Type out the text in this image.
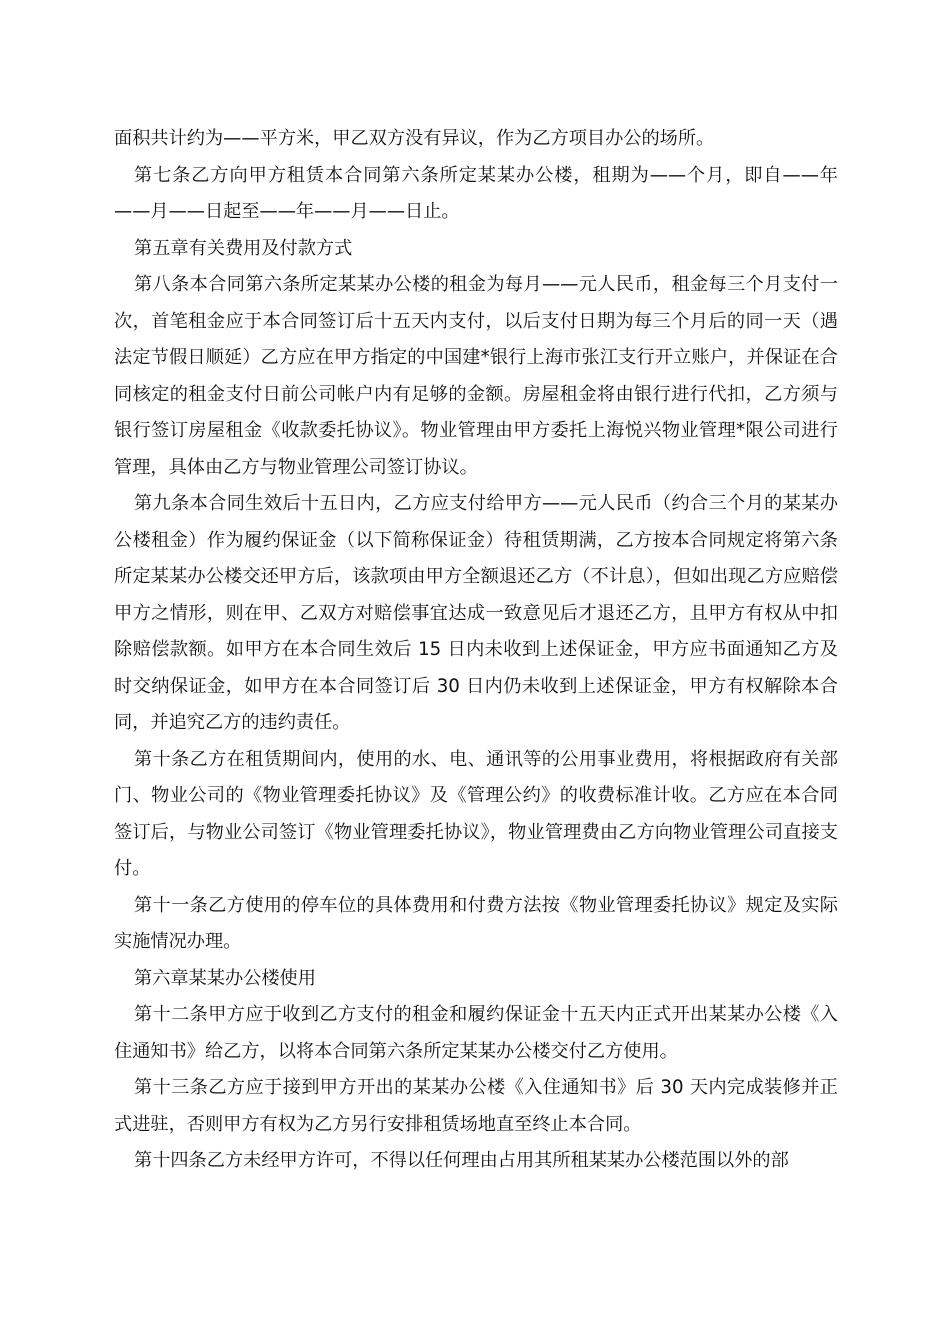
面积共计约为——平方米，甲乙双方没有异议，作为乙方项目办公的场所。

第七条乙方向甲方租赁本合同第六条所定某某办公楼，租期为——个月，即自——年——月——日起至——年——月——日止。

第五章有关费用及付款方式

第八条本合同第六条所定某某办公楼的租金为每月——元人民币，租金每三个月支付一次，首笔租金应于本合同签订后十五天内支付，以后支付日期为每三个月后的同一天（遇法定节假日顺延）乙方应在甲方指定的中国建*银行上海市张江支行开立账户，并保证在合同核定的租金支付日前公司帐户内有足够的金额。房屋租金将由银行进行代扣，乙方须与银行签订房屋租金《收款委托协议》。物业管理由甲方委托上海悦兴物业管理*限公司进行管理，具体由乙方与物业管理公司签订协议。

第九条本合同生效后十五日内，乙方应支付给甲方——元人民币（约合三个月的某某办公楼租金）作为履约保证金（以下简称保证金）待租赁期满，乙方按本合同规定将第六条所定某某办公楼交还甲方后，该款项由甲方全额退还乙方（不计息），但如出现乙方应赔偿甲方之情形，则在甲、乙双方对赔偿事宜达成一致意见后才退还乙方，且甲方有权从中扣除赔偿款额。如甲方在本合同生效后 15 日内未收到上述保证金，甲方应书面通知乙方及时交纳保证金，如甲方在本合同签订后 30 日内仍未收到上述保证金，甲方有权解除本合同，并追究乙方的违约责任。

第十条乙方在租赁期间内，使用的水、电、通讯等的公用事业费用，将根据政府有关部门、物业公司的《物业管理委托协议》及《管理公约》的收费标准计收。乙方应在本合同签订后，与物业公司签订《物业管理委托协议》，物业管理费由乙方向物业管理公司直接支付。

第十一条乙方使用的停车位的具体费用和付费方法按《物业管理委托协议》规定及实际实施情况办理。

第六章某某办公楼使用

第十二条甲方应于收到乙方支付的租金和履约保证金十五天内正式开出某某办公楼《入住通知书》给乙方，以将本合同第六条所定某某办公楼交付乙方使用。

第十三条乙方应于接到甲方开出的某某办公楼《入住通知书》后 30 天内完成装修并正式进驻，否则甲方有权为乙方另行安排租赁场地直至终止本合同。

第十四条乙方未经甲方许可，不得以任何理由占用其所租某某办公楼范围以外的部
